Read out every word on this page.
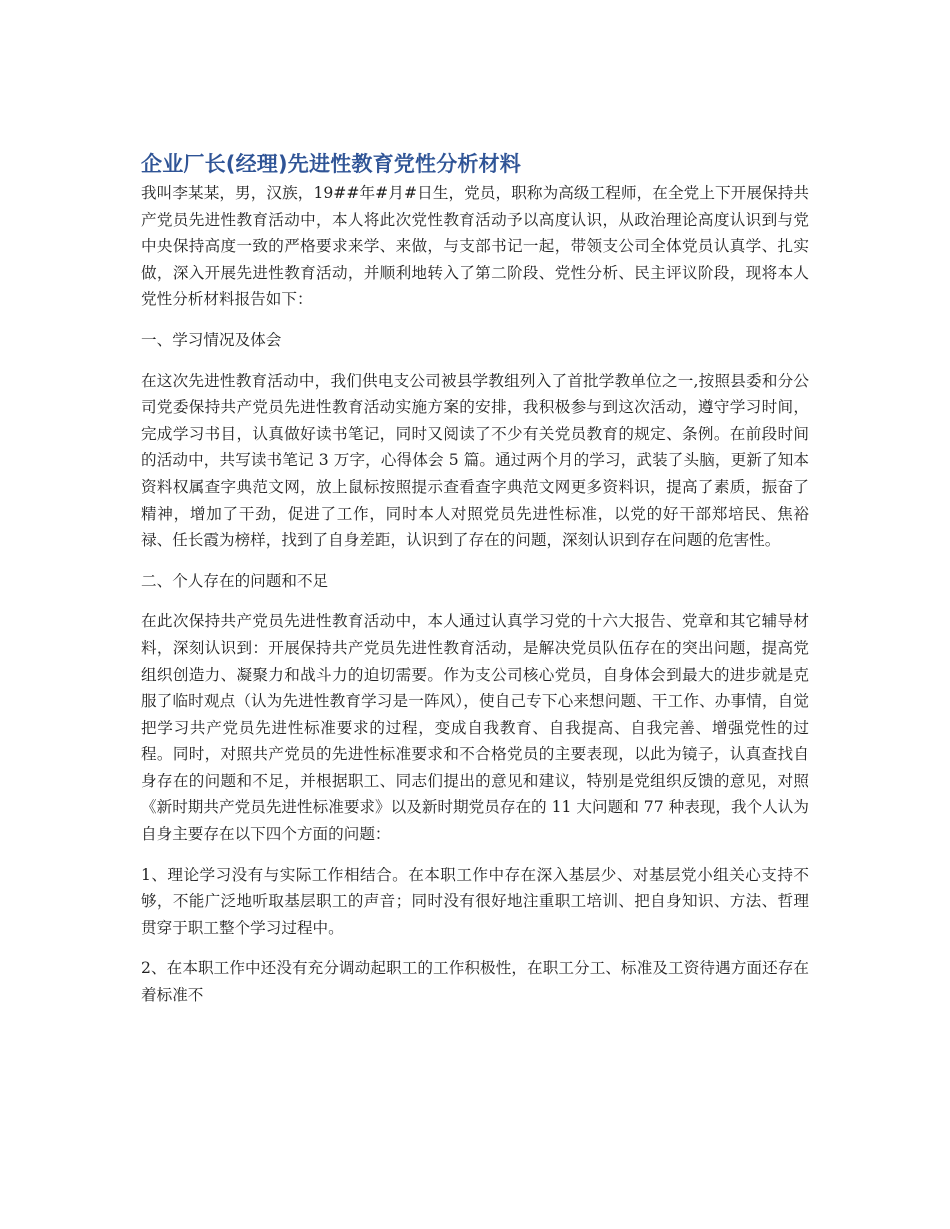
企业厂长(经理)先进性教育党性分析材料

我叫李某某，男，汉族，19##年#月#日生，党员，职称为高级工程师，在全党上下开展保持共产党员先进性教育活动中，本人将此次党性教育活动予以高度认识，从政治理论高度认识到与党中央保持高度一致的严格要求来学、来做，与支部书记一起，带领支公司全体党员认真学、扎实做，深入开展先进性教育活动，并顺利地转入了第二阶段、党性分析、民主评议阶段，现将本人党性分析材料报告如下：

一、学习情况及体会

在这次先进性教育活动中，我们供电支公司被县学教组列入了首批学教单位之一,按照县委和分公司党委保持共产党员先进性教育活动实施方案的安排，我积极参与到这次活动，遵守学习时间，完成学习书目，认真做好读书笔记，同时又阅读了不少有关党员教育的规定、条例。在前段时间的活动中，共写读书笔记 3 万字，心得体会 5 篇。通过两个月的学习，武装了头脑，更新了知本资料权属查字典范文网，放上鼠标按照提示查看查字典范文网更多资料识，提高了素质，振奋了精神，增加了干劲，促进了工作，同时本人对照党员先进性标准，以党的好干部郑培民、焦裕禄、任长霞为榜样，找到了自身差距，认识到了存在的问题，深刻认识到存在问题的危害性。

二、个人存在的问题和不足

在此次保持共产党员先进性教育活动中，本人通过认真学习党的十六大报告、党章和其它辅导材料，深刻认识到：开展保持共产党员先进性教育活动，是解决党员队伍存在的突出问题，提高党组织创造力、凝聚力和战斗力的迫切需要。作为支公司核心党员，自身体会到最大的进步就是克服了临时观点（认为先进性教育学习是一阵风），使自己专下心来想问题、干工作、办事情，自觉把学习共产党员先进性标准要求的过程，变成自我教育、自我提高、自我完善、增强党性的过程。同时，对照共产党员的先进性标准要求和不合格党员的主要表现，以此为镜子，认真查找自身存在的问题和不足，并根据职工、同志们提出的意见和建议，特别是党组织反馈的意见，对照《新时期共产党员先进性标准要求》以及新时期党员存在的 11 大问题和 77 种表现，我个人认为自身主要存在以下四个方面的问题：

1、理论学习没有与实际工作相结合。在本职工作中存在深入基层少、对基层党小组关心支持不够，不能广泛地听取基层职工的声音；同时没有很好地注重职工培训、把自身知识、方法、哲理贯穿于职工整个学习过程中。

2、在本职工作中还没有充分调动起职工的工作积极性，在职工分工、标准及工资待遇方面还存在着标准不
